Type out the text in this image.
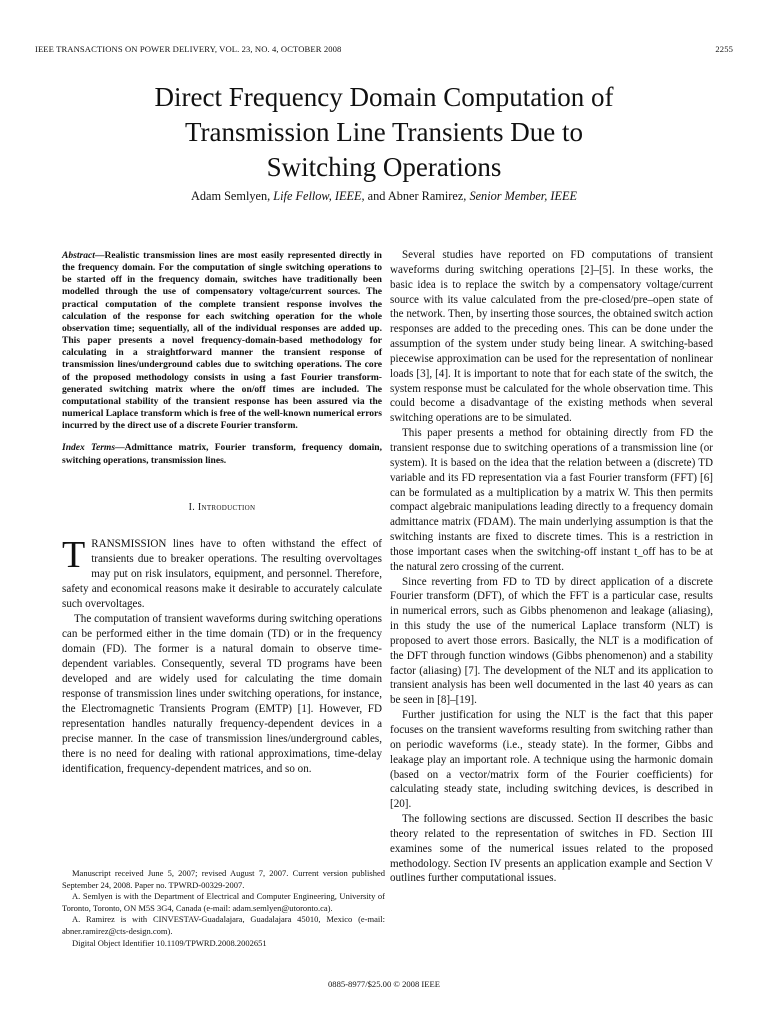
IEEE TRANSACTIONS ON POWER DELIVERY, VOL. 23, NO. 4, OCTOBER 2008	2255
Direct Frequency Domain Computation of
Transmission Line Transients Due to
Switching Operations
Adam Semlyen, Life Fellow, IEEE, and Abner Ramirez, Senior Member, IEEE
Abstract—Realistic transmission lines are most easily represented directly in the frequency domain. For the computation of single switching operations to be started off in the frequency domain, switches have traditionally been modelled through the use of compensatory voltage/current sources. The practical computation of the complete transient response involves the calculation of the response for each switching operation for the whole observation time; sequentially, all of the individual responses are added up. This paper presents a novel frequency-domain-based methodology for calculating in a straightforward manner the transient response of transmission lines/underground cables due to switching operations. The core of the proposed methodology consists in using a fast Fourier transform-generated switching matrix where the on/off times are included. The computational stability of the transient response has been assured via the numerical Laplace transform which is free of the well-known numerical errors incurred by the direct use of a discrete Fourier transform.
Index Terms—Admittance matrix, Fourier transform, frequency domain, switching operations, transmission lines.
I. Introduction

TRANSMISSION lines have to often withstand the effect of transients due to breaker operations. The resulting overvoltages may put on risk insulators, equipment, and personnel. Therefore, safety and economical reasons make it desirable to accurately calculate such overvoltages.

The computation of transient waveforms during switching operations can be performed either in the time domain (TD) or in the frequency domain (FD). The former is a natural domain to observe time-dependent variables. Consequently, several TD programs have been developed and are widely used for calculating the time domain response of transmission lines under switching operations, for instance, the Electromagnetic Transients Program (EMTP) [1]. However, FD representation handles naturally frequency-dependent devices in a precise manner. In the case of transmission lines/underground cables, there is no need for dealing with rational approximations, time-delay identification, frequency-dependent matrices, and so on.

Manuscript received June 5, 2007; revised August 7, 2007. Current version published September 24, 2008. Paper no. TPWRD-00329-2007.

A. Semlyen is with the Department of Electrical and Computer Engineering, University of Toronto, Toronto, ON M5S 3G4, Canada (e-mail: adam.semlyen@utoronto.ca).

A. Ramirez is with CINVESTAV-Guadalajara, Guadalajara 45010, Mexico (e-mail: abner.ramirez@cts-design.com).

Digital Object Identifier 10.1109/TPWRD.2008.2002651

Several studies have reported on FD computations of transient waveforms during switching operations [2]–[5]. In these works, the basic idea is to replace the switch by a compensatory voltage/current source with its value calculated from the pre-closed/pre–open state of the network. Then, by inserting those sources, the obtained switch action responses are added to the preceding ones. This can be done under the assumption of the system under study being linear. A switching-based piecewise approximation can be used for the representation of nonlinear loads [3], [4]. It is important to note that for each state of the switch, the system response must be calculated for the whole observation time. This could become a disadvantage of the existing methods when several switching operations are to be simulated.

This paper presents a method for obtaining directly from FD the transient response due to switching operations of a transmission line (or system). It is based on the idea that the relation between a (discrete) TD variable and its FD representation via a fast Fourier transform (FFT) [6] can be formulated as a multiplication by a matrix W. This then permits compact algebraic manipulations leading directly to a frequency domain admittance matrix (FDAM). The main underlying assumption is that the switching instants are fixed to discrete times. This is a restriction in those important cases when the switching-off instant t_off has to be at the natural zero crossing of the current.

Since reverting from FD to TD by direct application of a discrete Fourier transform (DFT), of which the FFT is a particular case, results in numerical errors, such as Gibbs phenomenon and leakage (aliasing), in this study the use of the numerical Laplace transform (NLT) is proposed to avert those errors. Basically, the NLT is a modification of the DFT through function windows (Gibbs phenomenon) and a stability factor (aliasing) [7]. The development of the NLT and its application to transient analysis has been well documented in the last 40 years as can be seen in [8]–[19].

Further justification for using the NLT is the fact that this paper focuses on the transient waveforms resulting from switching rather than on periodic waveforms (i.e., steady state). In the former, Gibbs and leakage play an important role. A technique using the harmonic domain (based on a vector/matrix form of the Fourier coefficients) for calculating steady state, including switching devices, is described in [20].

The following sections are discussed. Section II describes the basic theory related to the representation of switches in FD. Section III examines some of the numerical issues related to the proposed methodology. Section IV presents an application example and Section V outlines further computational issues.

0885-8977/$25.00 © 2008 IEEE
